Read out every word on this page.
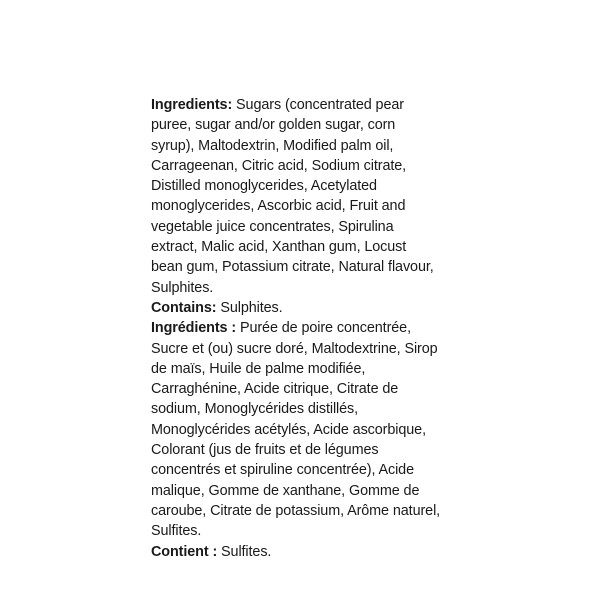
Ingredients: Sugars (concentrated pear puree, sugar and/or golden sugar, corn syrup), Maltodextrin, Modified palm oil, Carrageenan, Citric acid, Sodium citrate, Distilled monoglycerides, Acetylated monoglycerides, Ascorbic acid, Fruit and vegetable juice concentrates, Spirulina extract, Malic acid, Xanthan gum, Locust bean gum, Potassium citrate, Natural flavour, Sulphites.

Contains: Sulphites.

Ingrédients : Purée de poire concentrée, Sucre et (ou) sucre doré, Maltodextrine, Sirop de maïs, Huile de palme modifiée, Carraghénine, Acide citrique, Citrate de sodium, Monoglycérides distillés, Monoglycérides acétylés, Acide ascorbique, Colorant (jus de fruits et de légumes concentrés et spiruline concentrée), Acide malique, Gomme de xanthane, Gomme de caroube, Citrate de potassium, Arôme naturel, Sulfites.

Contient : Sulfites.
